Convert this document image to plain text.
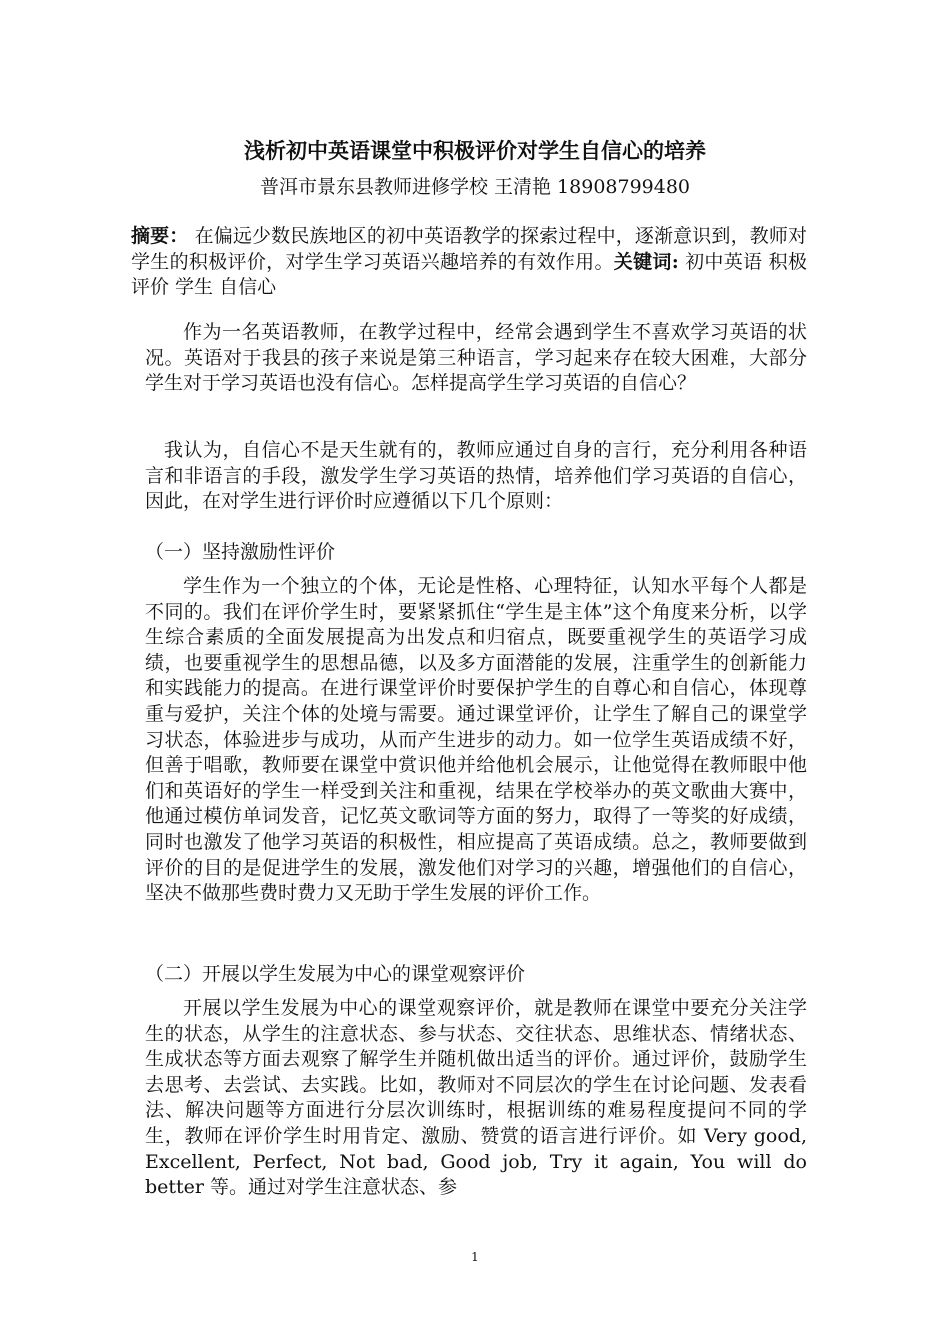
浅析初中英语课堂中积极评价对学生自信心的培养

普洱市景东县教师进修学校 王清艳 18908799480

摘要： 在偏远少数民族地区的初中英语教学的探索过程中，逐渐意识到，教师对学生的积极评价，对学生学习英语兴趣培养的有效作用。关键词: 初中英语 积极评价 学生 自信心

作为一名英语教师，在教学过程中，经常会遇到学生不喜欢学习英语的状况。英语对于我县的孩子来说是第三种语言，学习起来存在较大困难，大部分学生对于学习英语也没有信心。怎样提高学生学习英语的自信心？

我认为，自信心不是天生就有的，教师应通过自身的言行，充分利用各种语言和非语言的手段，激发学生学习英语的热情，培养他们学习英语的自信心，因此，在对学生进行评价时应遵循以下几个原则：

（一）坚持激励性评价

学生作为一个独立的个体，无论是性格、心理特征，认知水平每个人都是不同的。我们在评价学生时，要紧紧抓住“学生是主体”这个角度来分析，以学生综合素质的全面发展提高为出发点和归宿点，既要重视学生的英语学习成绩，也要重视学生的思想品德，以及多方面潜能的发展，注重学生的创新能力和实践能力的提高。在进行课堂评价时要保护学生的自尊心和自信心，体现尊重与爱护，关注个体的处境与需要。通过课堂评价，让学生了解自己的课堂学习状态，体验进步与成功，从而产生进步的动力。如一位学生英语成绩不好，但善于唱歌，教师要在课堂中赏识他并给他机会展示，让他觉得在教师眼中他们和英语好的学生一样受到关注和重视，结果在学校举办的英文歌曲大赛中，他通过模仿单词发音，记忆英文歌词等方面的努力，取得了一等奖的好成绩，同时也激发了他学习英语的积极性，相应提高了英语成绩。总之，教师要做到评价的目的是促进学生的发展，激发他们对学习的兴趣，增强他们的自信心，坚决不做那些费时费力又无助于学生发展的评价工作。

（二）开展以学生发展为中心的课堂观察评价

开展以学生发展为中心的课堂观察评价，就是教师在课堂中要充分关注学生的状态，从学生的注意状态、参与状态、交往状态、思维状态、情绪状态、生成状态等方面去观察了解学生并随机做出适当的评价。通过评价，鼓励学生去思考、去尝试、去实践。比如，教师对不同层次的学生在讨论问题、发表看法、解决问题等方面进行分层次训练时，根据训练的难易程度提问不同的学生，教师在评价学生时用肯定、激励、赞赏的语言进行评价。如 Very good, Excellent, Perfect, Not bad, Good job, Try it again, You will do better 等。通过对学生注意状态、参

1
